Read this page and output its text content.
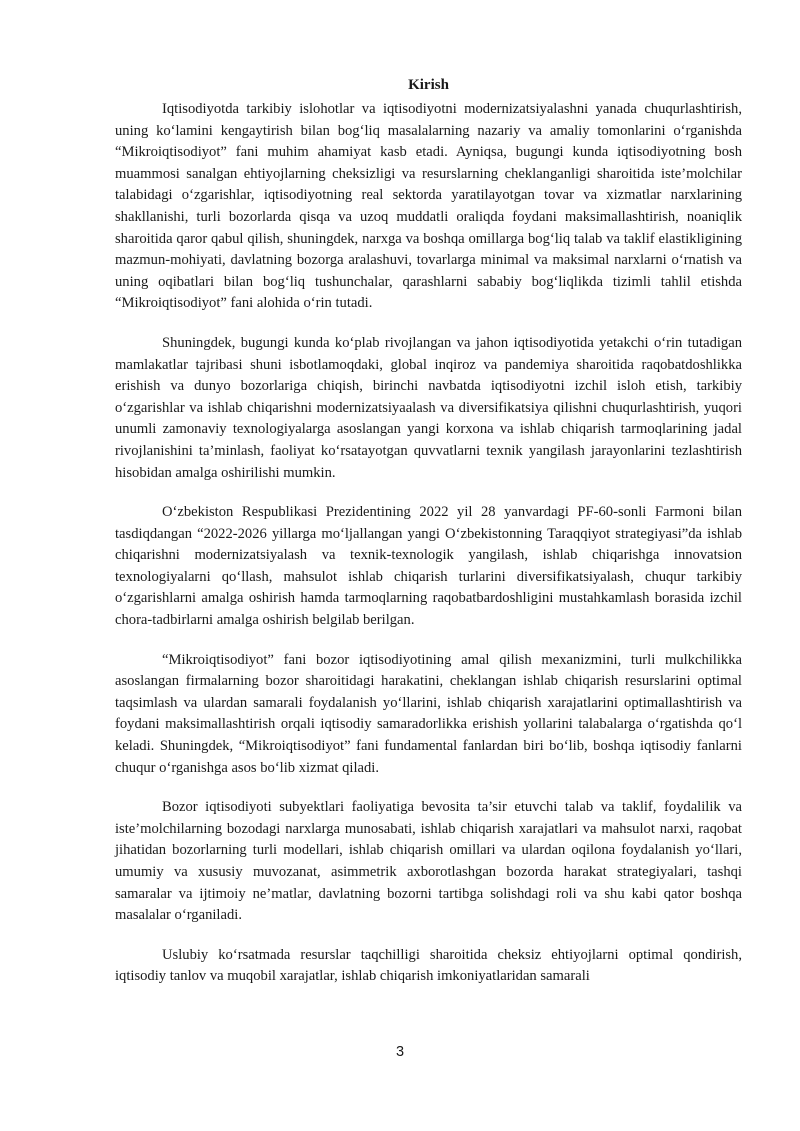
Kirish

Iqtisodiyotda tarkibiy islohotlar va iqtisodiyotni modernizatsiyalashni yanada chuqurlashtirish, uning ko‘lamini kengaytirish bilan bog‘liq masalalarning nazariy va amaliy tomonlarini o‘rganishda “Mikroiqtisodiyot” fani muhim ahamiyat kasb etadi. Ayniqsa, bugungi kunda iqtisodiyotning bosh muammosi sanalgan ehtiyojlarning cheksizligi va resurslarning cheklanganligi sharoitida iste’molchilar talabidagi o‘zgarishlar, iqtisodiyotning real sektorda yaratilayotgan tovar va xizmatlar narxlarining shakllanishi, turli bozorlarda qisqa va uzoq muddatli oraliqda foydani maksimallashtirish, noaniqlik sharoitida qaror qabul qilish, shuningdek, narxga va boshqa omillarga bog‘liq talab va taklif elastikligining mazmun-mohiyati, davlatning bozorga aralashuvi, tovarlarga minimal va maksimal narxlarni o‘rnatish va uning oqibatlari bilan bog‘liq tushunchalar, qarashlarni sababiy bog‘liqlikda tizimli tahlil etishda “Mikroiqtisodiyot” fani alohida o‘rin tutadi.

Shuningdek, bugungi kunda ko‘plab rivojlangan va jahon iqtisodiyotida yetakchi o‘rin tutadigan mamlakatlar tajribasi shuni isbotlamoqdaki, global inqiroz va pandemiya sharoitida raqobatdoshlikka erishish va dunyo bozorlariga chiqish, birinchi navbatda iqtisodiyotni izchil isloh etish, tarkibiy o‘zgarishlar va ishlab chiqarishni modernizatsiyaalash va diversifikatsiya qilishni chuqurlashtirish, yuqori unumli zamonaviy texnologiyalarga asoslangan yangi korxona va ishlab chiqarish tarmoqlarining jadal rivojlanishini ta’minlash, faoliyat ko‘rsatayotgan quvvatlarni texnik yangilash jarayonlarini tezlashtirish hisobidan amalga oshirilishi mumkin.

O‘zbekiston Respublikasi Prezidentining 2022 yil 28 yanvardagi PF-60-sonli Farmoni bilan tasdiqdangan “2022-2026 yillarga mo‘ljallangan yangi O‘zbekistonning Taraqqiyot strategiyasi”da ishlab chiqarishni modernizatsiyalash va texnik-texnologik yangilash, ishlab chiqarishga innovatsion texnologiyalarni qo‘llash, mahsulot ishlab chiqarish turlarini diversifikatsiyalash, chuqur tarkibiy o‘zgarishlarni amalga oshirish hamda tarmoqlarning raqobatbardoshligini mustahkamlash borasida izchil chora-tadbirlarni amalga oshirish belgilab berilgan.

“Mikroiqtisodiyot” fani bozor iqtisodiyotining amal qilish mexanizmini, turli mulkchilikka asoslangan firmalarning bozor sharoitidagi harakatini, cheklangan ishlab chiqarish resurslarini optimal taqsimlash va ulardan samarali foydalanish yo‘llarini, ishlab chiqarish xarajatlarini optimallashtirish va foydani maksimallashtirish orqali iqtisodiy samaradorlikka erishish yollarini talabalarga o‘rgatishda qo‘l keladi. Shuningdek, “Mikroiqtisodiyot” fani fundamental fanlardan biri bo‘lib, boshqa iqtisodiy fanlarni chuqur o‘rganishga asos bo‘lib xizmat qiladi.

Bozor iqtisodiyoti subyektlari faoliyatiga bevosita ta’sir etuvchi talab va taklif, foydalilik va iste’molchilarning bozodagi narxlarga munosabati, ishlab chiqarish xarajatlari va mahsulot narxi, raqobat jihatidan bozorlarning turli modellari, ishlab chiqarish omillari va ulardan oqilona foydalanish yo‘llari, umumiy va xususiy muvozanat, asimmetrik axborotlashgan bozorda harakat strategiyalari, tashqi samaralar va ijtimoiy ne’matlar, davlatning bozorni tartibga solishdagi roli va shu kabi qator boshqa masalalar o‘rganiladi.

Uslubiy ko‘rsatmada resurslar taqchilligi sharoitida cheksiz ehtiyojlarni optimal qondirish, iqtisodiy tanlov va muqobil xarajatlar, ishlab chiqarish imkoniyatlaridan samarali

3
